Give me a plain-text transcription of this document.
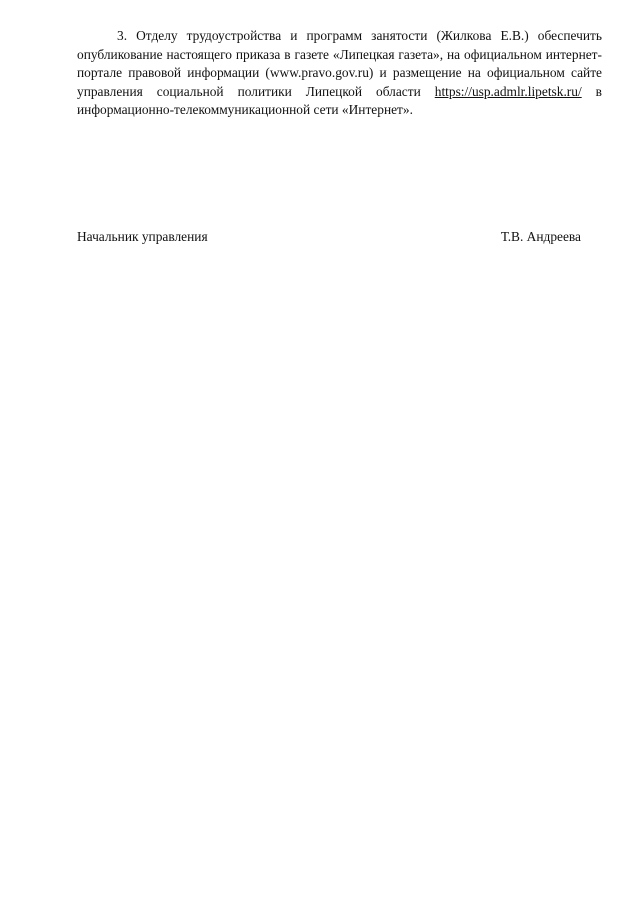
3. Отделу трудоустройства и программ занятости (Жилкова Е.В.) обеспечить опубликование настоящего приказа в газете «Липецкая газета», на официальном интернет-портале правовой информации (www.pravo.gov.ru) и размещение на официальном сайте управления социальной политики Липецкой области https://usp.admlr.lipetsk.ru/ в информационно-телекоммуникационной сети «Интернет».

Начальник управления	Т.В. Андреева
